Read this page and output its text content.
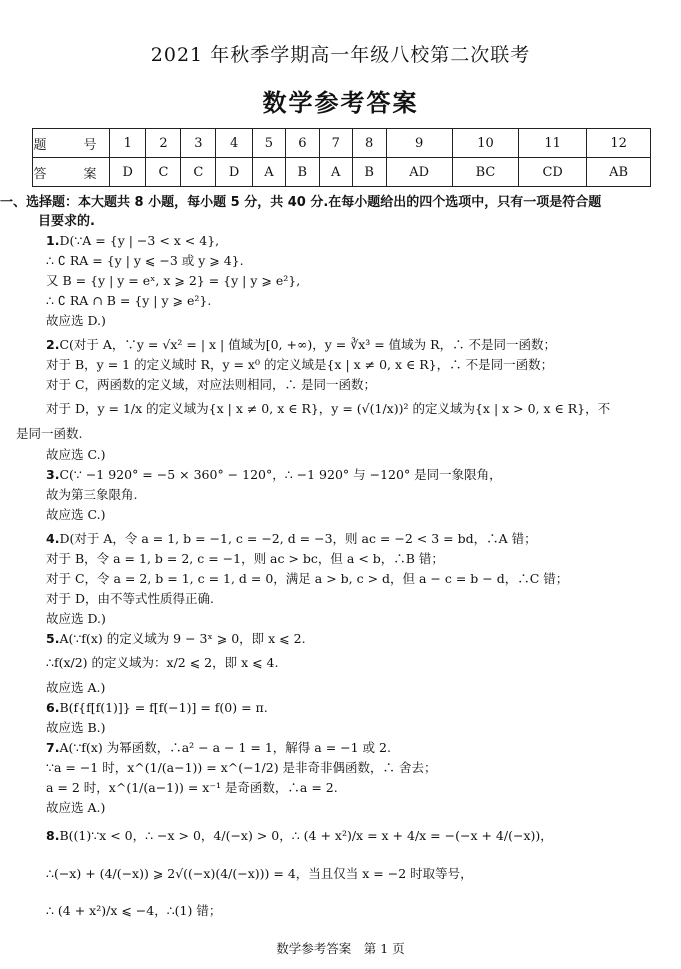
2021 年秋季学期高一年级八校第二次联考
数学参考答案
题　号	1	2	3	4	5	6	7	8	9	10	11	12
答　案	D	C	C	D	A	B	A	B	AD	BC	CD	AB
一、选择题：本大题共 8 小题，每小题 5 分，共 40 分.在每小题给出的四个选项中，只有一项是符合题
目要求的.
1.D(∵A = {y | −3 < x < 4},
∴ ∁ RA = {y | y ⩽ −3 或 y ⩾ 4}.
又 B = {y | y = eˣ, x ⩾ 2} = {y | y ⩾ e²},
∴ ∁ RA ∩ B = {y | y ⩾ e²}.
故应选 D.)
2.C(对于 A，∵y = √x² = | x | 值域为[0, +∞)，y = ∛x³ = 值域为 R，∴ 不是同一函数；
对于 B，y = 1 的定义域时 R，y = x⁰ 的定义域是{x | x ≠ 0, x ∈ R}，∴ 不是同一函数；
对于 C，两函数的定义域，对应法则相同，∴ 是同一函数；
对于 D，y = 1/x 的定义域为{x | x ≠ 0, x ∈ R}，y = (√(1/x))² 的定义域为{x | x > 0, x ∈ R}，不
是同一函数.
故应选 C.)
3.C(∵ −1 920° = −5 × 360° − 120°，∴ −1 920° 与 −120° 是同一象限角，
故为第三象限角.
故应选 C.)
4.D(对于 A，令 a = 1, b = −1, c = −2, d = −3，则 ac = −2 < 3 = bd，∴A 错；
对于 B，令 a = 1, b = 2, c = −1，则 ac > bc，但 a < b，∴B 错；
对于 C，令 a = 2, b = 1, c = 1, d = 0，满足 a > b, c > d，但 a − c = b − d，∴C 错；
对于 D，由不等式性质得正确.
故应选 D.)
5.A(∵f(x) 的定义域为 9 − 3ˣ ⩾ 0，即 x ⩽ 2.
∴f(x/2) 的定义域为：x/2 ⩽ 2，即 x ⩽ 4.
故应选 A.)
6.B(f{f[f(1)]} = f[f(−1)] = f(0) = π.
故应选 B.)
7.A(∵f(x) 为幂函数，∴a² − a − 1 = 1，解得 a = −1 或 2.
∵a = −1 时，x^(1/(a−1)) = x^(−1/2) 是非奇非偶函数，∴ 舍去；
a = 2 时，x^(1/(a−1)) = x⁻¹ 是奇函数，∴a = 2.
故应选 A.)
8.B((1)∵x < 0，∴ −x > 0，4/(−x) > 0，∴ (4 + x²)/x = x + 4/x = −(−x + 4/(−x))，
∴(−x) + (4/(−x)) ⩾ 2√((−x)(4/(−x))) = 4，当且仅当 x = −2 时取等号，
∴ (4 + x²)/x ⩽ −4，∴(1) 错；
数学参考答案　第 1 页
